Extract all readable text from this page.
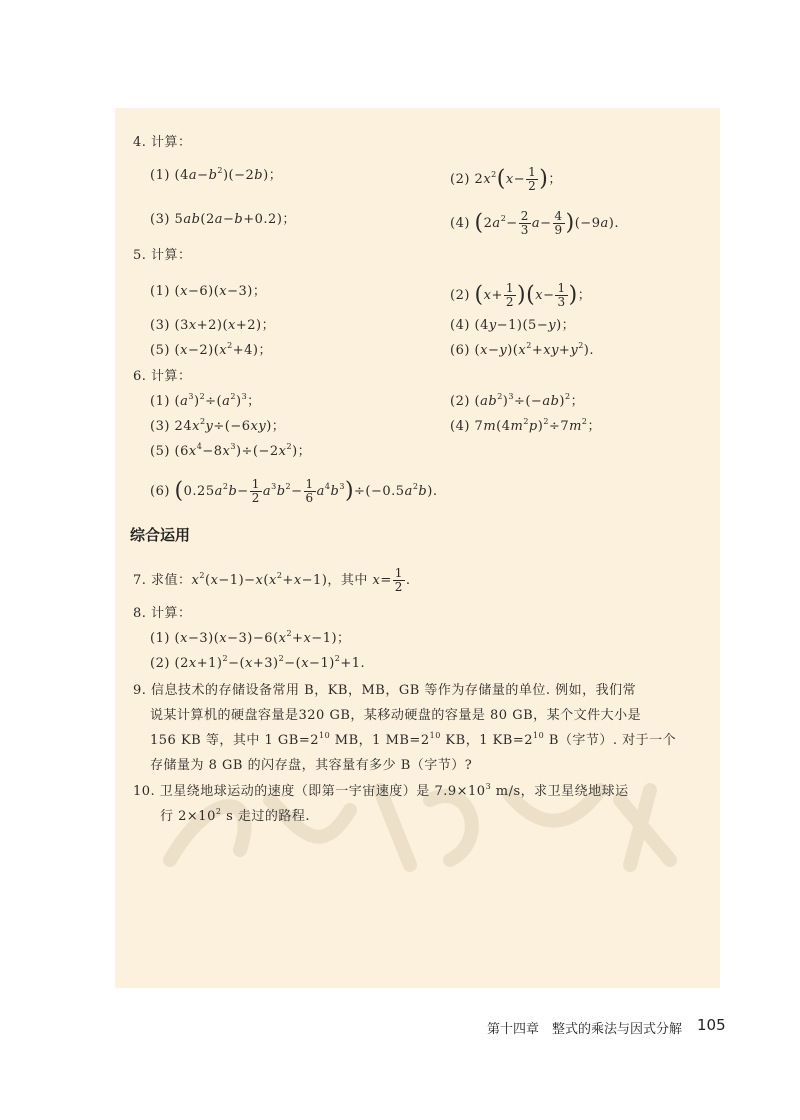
4. 计算：
(1) $(4a-b^2)(-2b)$；	(2) $2x^2(x- \frac{1}{2}$ )；
(3) 5ab(2a−b+0.2)；	(4) $(2a^2- \frac{2}{3} a- \frac{4}{9} )(-9a)$.
5. 计算：
(1) (x−6)(x−3)；	(2) $(x+ \frac{1}{2} )(x- \frac{1}{3}$ )；
(3) (3x+2)(x+2)；	(4) (4y−1)(5−y)；
(5) $(x-2)(x^2+4)$；	(6) $(x-y)(x^2+xy+y^2)$.
6. 计算：
(1) $(a^3)^2\div(a^2)^3$；	(2) $(ab^2)^3\div(-ab)^2$；
(3) $24x^2y\div(-6xy)$；	(4) $7m(4m^2p)^2\div 7m^2$；
(5) $(6x^4-8x^3)\div(-2x^2)$；
(6) $(0.25a^2b- \frac{1}{2} a^3b^2- \frac{1}{6} a^4b^3)\div(-0.5a^2b)$.
综合运用
7. 求值：$x^2(x-1)-x(x^2+x-1)$，其中 $x= \frac{1}{2}$ .
8. 计算：
(1) $(x-3)(x-3)-6(x^2+x-1)$；
(2) $(2x+1)^2-(x+3)^2-(x-1)^2+1$.
9. 信息技术的存储设备常用 B，KB，MB，GB 等作为存储量的单位. 例如，我们常
说某计算机的硬盘容量是320 GB，某移动硬盘的容量是 80 GB，某个文件大小是
156 KB 等，其中 1 $GB=2^{10}$ MB，1 $MB=2^{10}$ KB，1 $KB=2^{10}$ B（字节）. 对于一个
存储量为 8 GB 的闪存盘，其容量有多少 B（字节）?
10. 卫星绕地球运动的速度（即第一宇宙速度）是 $7.9\times 10^3$ m/s，求卫星绕地球运
行 $2\times 10^2$ s 走过的路程.
第十四章　整式的乘法与因式分解 105
